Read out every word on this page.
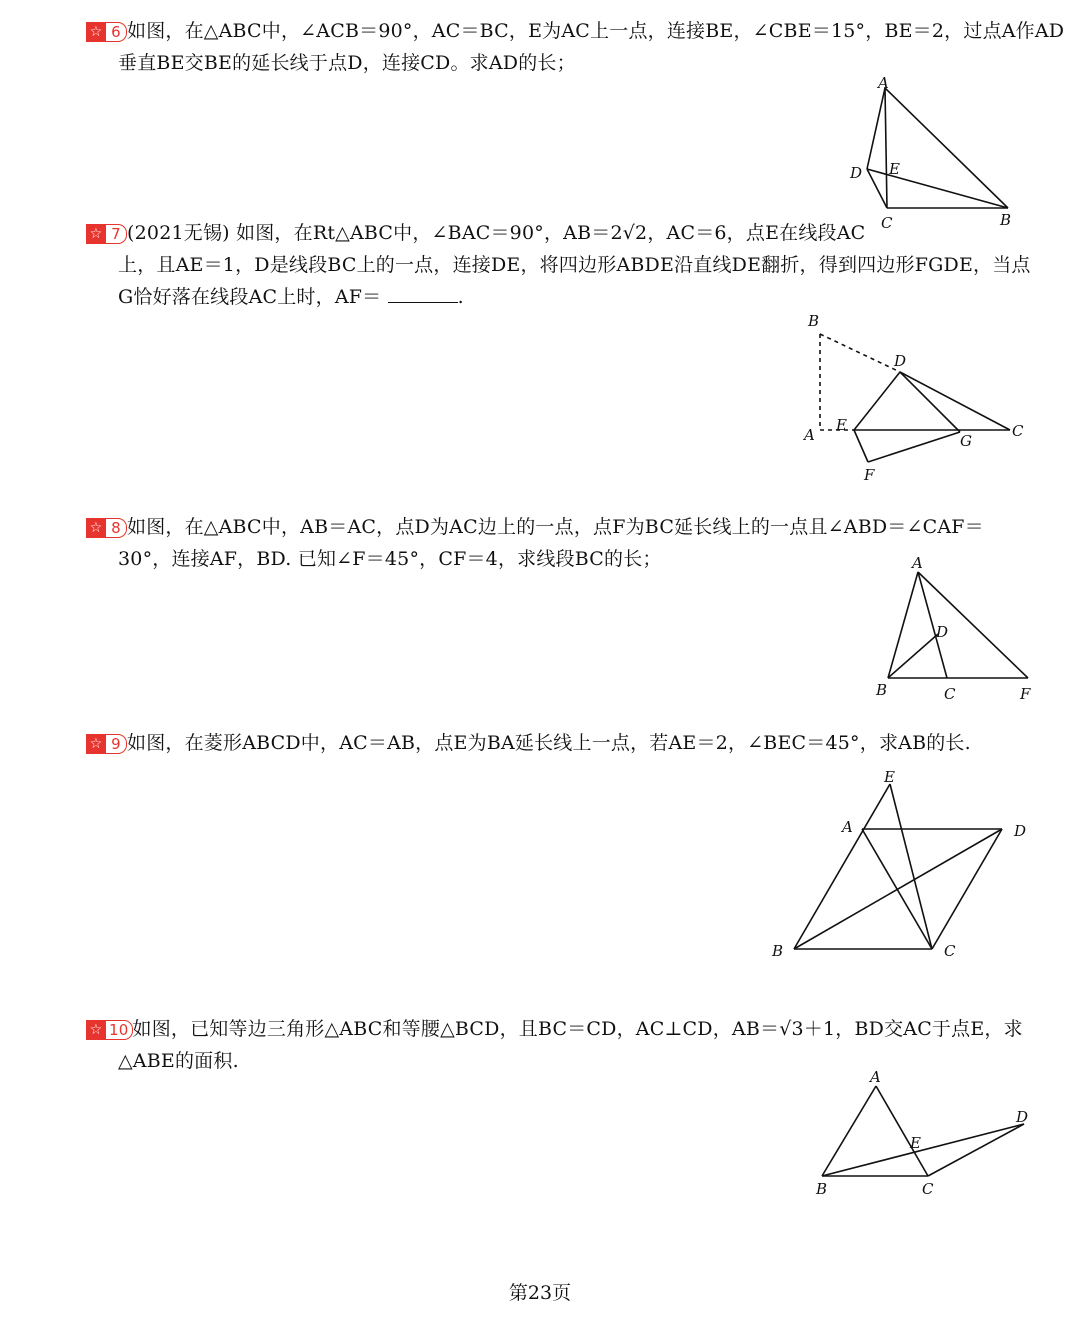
☆ 6 如图，在△ABC中，∠ACB＝90°，AC＝BC，E为AC上一点，连接BE，∠CBE＝15°，BE＝2，过点A作AD
垂直BE交BE的延长线于点D，连接CD。求AD的长；
A
D E
C	B
☆ 7 (2021无锡) 如图，在Rt△ABC中，∠BAC＝90°，AB＝2√2，AC＝6，点E在线段AC
上，且AE＝1，D是线段BC上的一点，连接DE，将四边形ABDE沿直线DE翻折，得到四边形FGDE，当点
G恰好落在线段AC上时，AF＝	.
B
D
E
A	G
C
F
☆ 8 如图，在△ABC中，AB＝AC，点D为AC边上的一点，点F为BC延长线上的一点且∠ABD＝∠CAF＝
30°，连接AF，BD. 已知∠F＝45°，CF＝4，求线段BC的长；	A
D
B	C	F
☆ 9 如图，在菱形ABCD中，AC＝AB，点E为BA延长线上一点，若AE＝2，∠BEC＝45°，求AB的长.
E
A	D
B	C
☆ 10 如图，已知等边三角形△ABC和等腰△BCD，且BC＝CD，AC⊥CD，AB＝√3＋1，BD交AC于点E，求
△ABE的面积.
A
E
D
B	C
第23页
